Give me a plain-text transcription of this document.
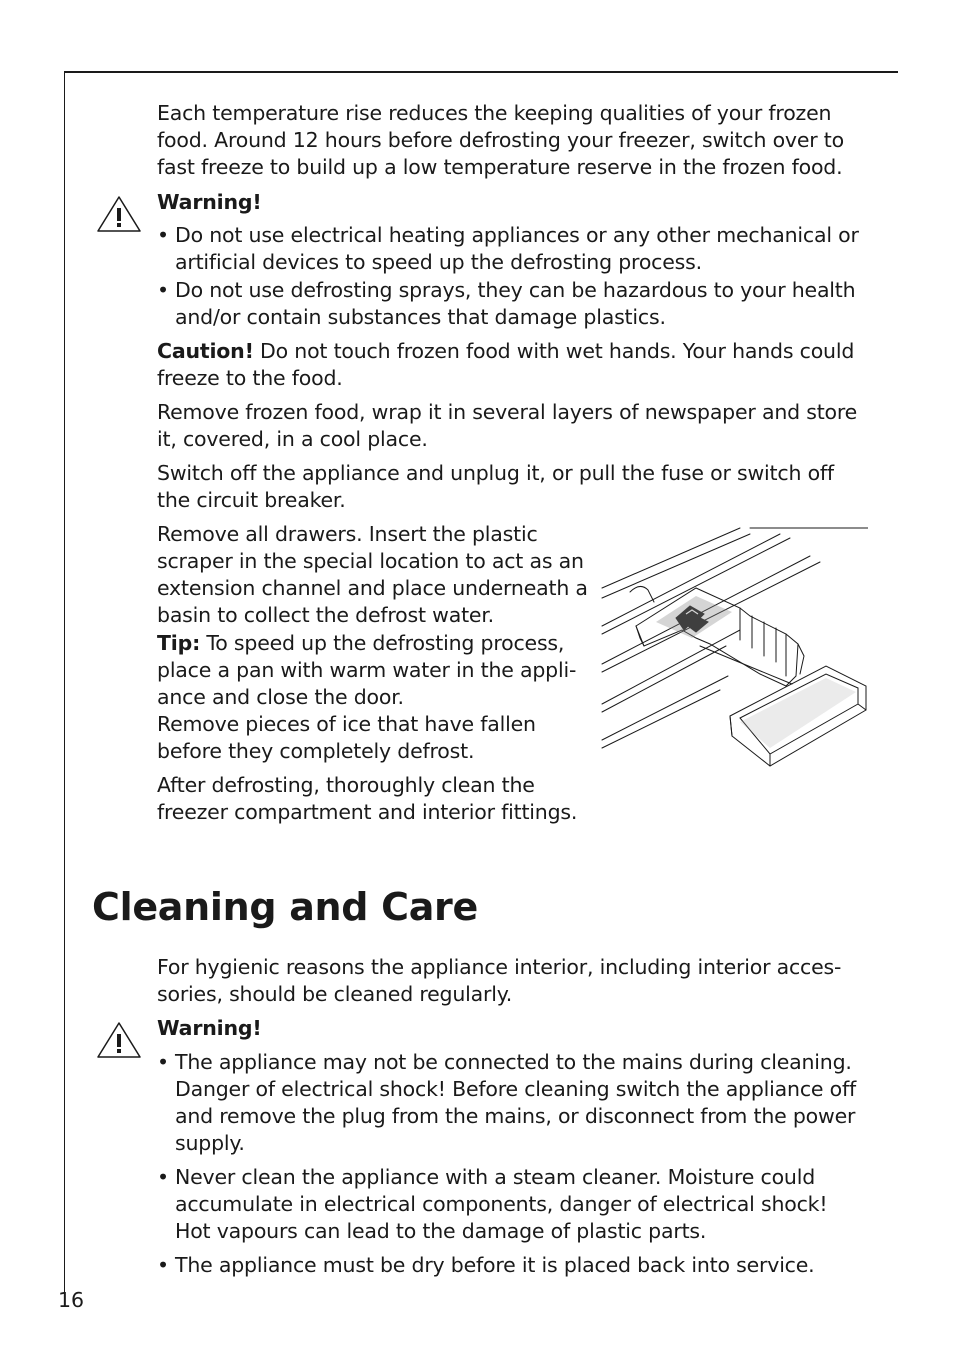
Each temperature rise reduces the keeping qualities of your frozen food. Around 12 hours before defrosting your freezer, switch over to fast freeze to build up a low temperature reserve in the frozen food.

Warning!
• Do not use electrical heating appliances or any other mechanical or artificial devices to speed up the defrosting process.
• Do not use defrosting sprays, they can be hazardous to your health and/or contain substances that damage plastics.

Caution! Do not touch frozen food with wet hands. Your hands could freeze to the food.

Remove frozen food, wrap it in several layers of newspaper and store it, covered, in a cool place.

Switch off the appliance and unplug it, or pull the fuse or switch off the circuit breaker.

Remove all drawers. Insert the plastic scraper in the special location to act as an extension channel and place underneath a basin to collect the defrost water.

Tip: To speed up the defrosting process, place a pan with warm water in the appli-ance and close the door.

Remove pieces of ice that have fallen before they completely defrost.

After defrosting, thoroughly clean the freezer compartment and interior fittings.

Cleaning and Care

For hygienic reasons the appliance interior, including interior acces-sories, should be cleaned regularly.

Warning!
• The appliance may not be connected to the mains during cleaning. Danger of electrical shock! Before cleaning switch the appliance off and remove the plug from the mains, or disconnect from the power supply.
• Never clean the appliance with a steam cleaner. Moisture could accumulate in electrical components, danger of electrical shock! Hot vapours can lead to the damage of plastic parts.
• The appliance must be dry before it is placed back into service.
16
